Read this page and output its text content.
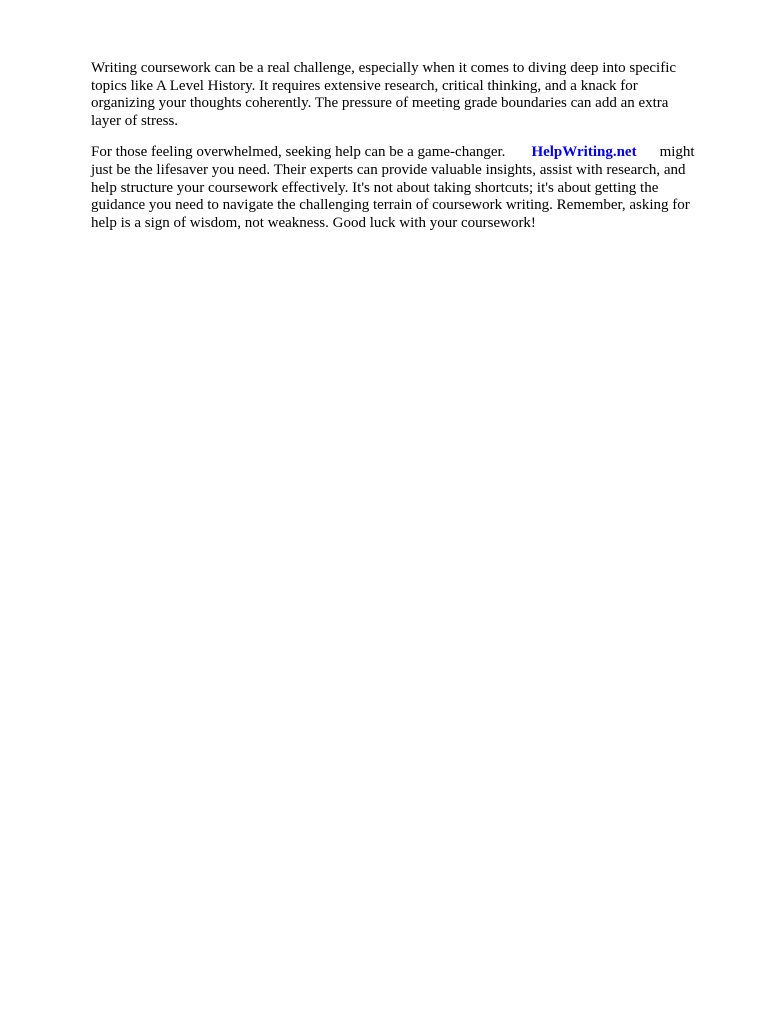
Writing coursework can be a real challenge, especially when it comes to diving deep into specific
topics like A Level History. It requires extensive research, critical thinking, and a knack for
organizing your thoughts coherently. The pressure of meeting grade boundaries can add an extra
layer of stress.

For those feeling overwhelmed, seeking help can be a game-changer. HelpWriting.net might
just be the lifesaver you need. Their experts can provide valuable insights, assist with research, and
help structure your coursework effectively. It's not about taking shortcuts; it's about getting the
guidance you need to navigate the challenging terrain of coursework writing. Remember, asking for
help is a sign of wisdom, not weakness. Good luck with your coursework!
